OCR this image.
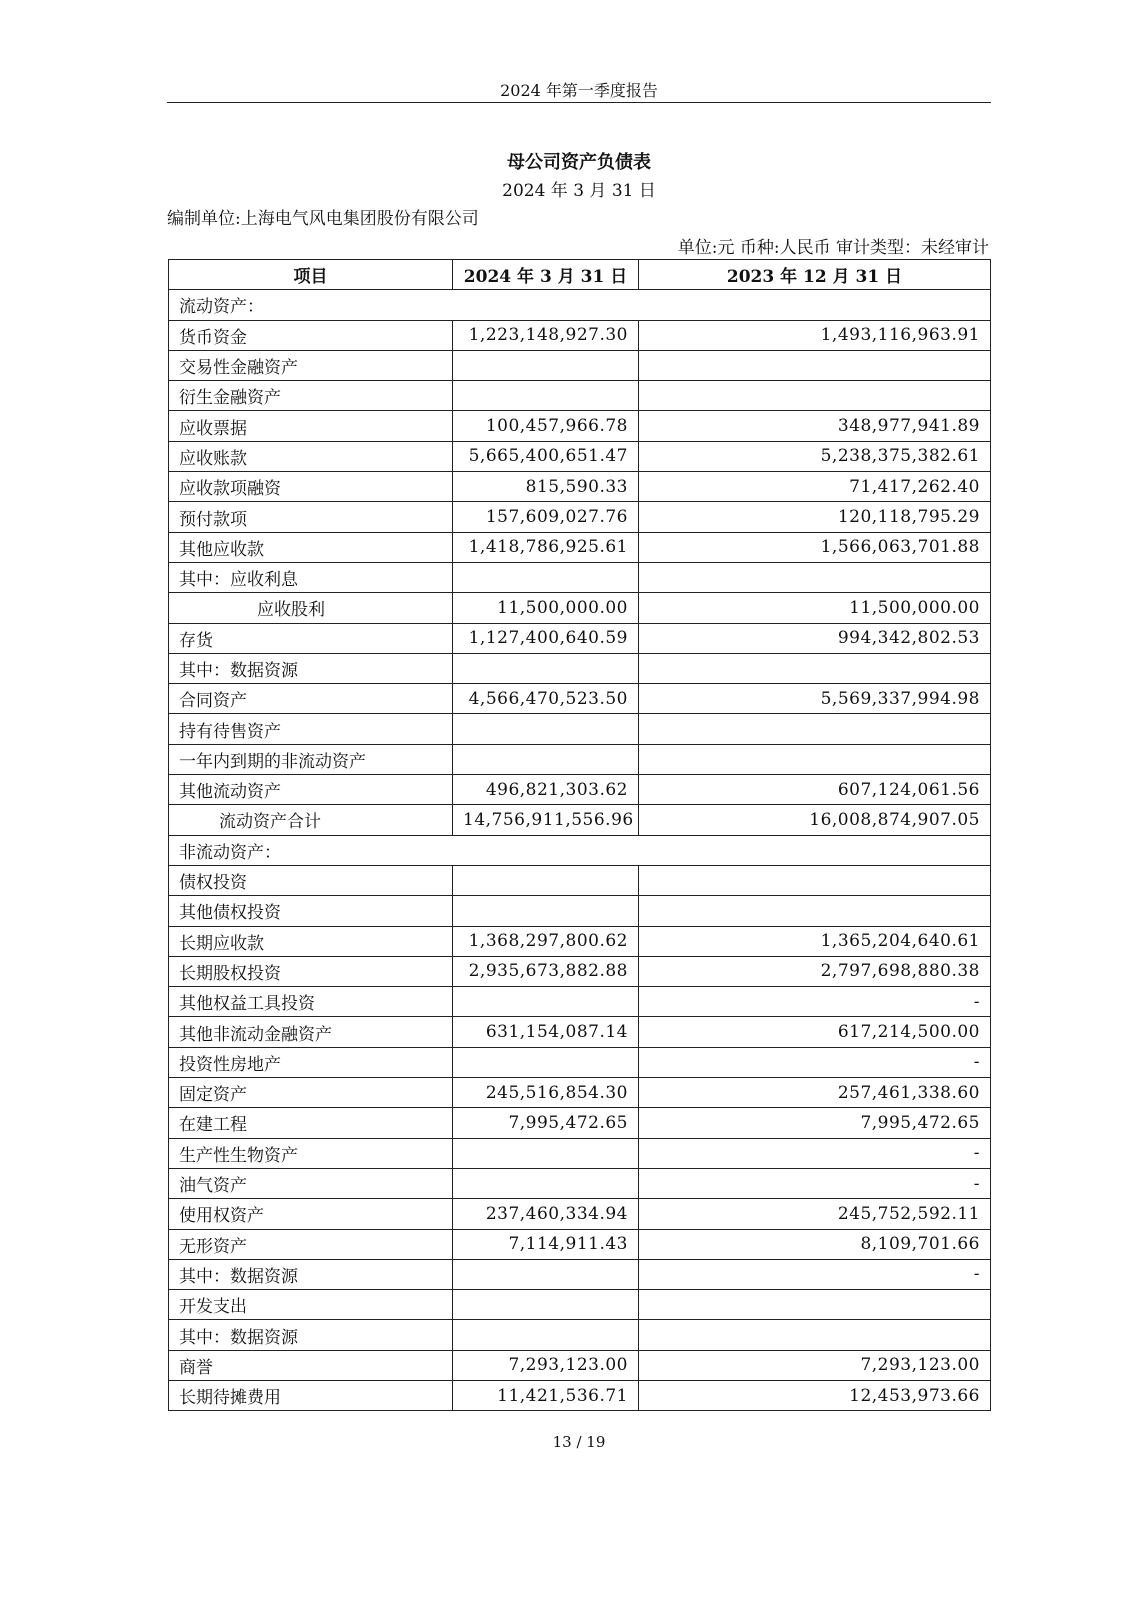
2024 年第一季度报告
母公司资产负债表
2024 年 3 月 31 日
编制单位:上海电气风电集团股份有限公司
单位:元 币种:人民币 审计类型：未经审计
项目	2024 年 3 月 31 日	2023 年 12 月 31 日
流动资产：		
货币资金	1,223,148,927.30	1,493,116,963.91
交易性金融资产		
衍生金融资产		
应收票据	100,457,966.78	348,977,941.89
应收账款	5,665,400,651.47	5,238,375,382.61
应收款项融资	815,590.33	71,417,262.40
预付款项	157,609,027.76	120,118,795.29
其他应收款	1,418,786,925.61	1,566,063,701.88
其中：应收利息		
应收股利	11,500,000.00	11,500,000.00
存货	1,127,400,640.59	994,342,802.53
其中：数据资源		
合同资产	4,566,470,523.50	5,569,337,994.98
持有待售资产		
一年内到期的非流动资产		
其他流动资产	496,821,303.62	607,124,061.56
流动资产合计	14,756,911,556.96	16,008,874,907.05
非流动资产：		
债权投资		
其他债权投资		
长期应收款	1,368,297,800.62	1,365,204,640.61
长期股权投资	2,935,673,882.88	2,797,698,880.38
其他权益工具投资		-
其他非流动金融资产	631,154,087.14	617,214,500.00
投资性房地产		-
固定资产	245,516,854.30	257,461,338.60
在建工程	7,995,472.65	7,995,472.65
生产性生物资产		-
油气资产		-
使用权资产	237,460,334.94	245,752,592.11
无形资产	7,114,911.43	8,109,701.66
其中：数据资源		-
开发支出		
其中：数据资源		
商誉	7,293,123.00	7,293,123.00
长期待摊费用	11,421,536.71	12,453,973.66
13 / 19
